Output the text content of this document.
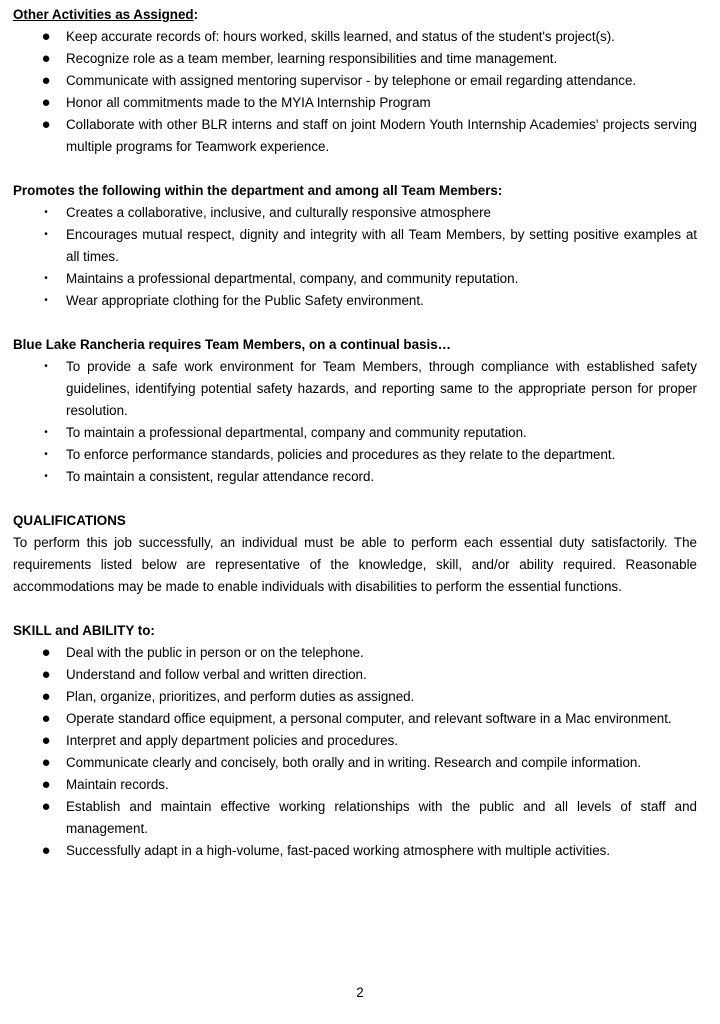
Other Activities as Assigned:

● Keep accurate records of: hours worked, skills learned, and status of the student's project(s).
● Recognize role as a team member, learning responsibilities and time management.
● Communicate with assigned mentoring supervisor - by telephone or email regarding attendance.
● Honor all commitments made to the MYIA Internship Program
● Collaborate with other BLR interns and staff on joint Modern Youth Internship Academies' projects serving multiple programs for Teamwork experience.

Promotes the following within the department and among all Team Members:

•	Creates a collaborative, inclusive, and culturally responsive atmosphere
•	Encourages mutual respect, dignity and integrity with all Team Members, by setting positive examples at all times.
•	Maintains a professional departmental, company, and community reputation.
•	Wear appropriate clothing for the Public Safety environment.

Blue Lake Rancheria requires Team Members, on a continual basis…

•	To provide a safe work environment for Team Members, through compliance with established safety guidelines, identifying potential safety hazards, and reporting same to the appropriate person for proper resolution.
•	To maintain a professional departmental, company and community reputation.
•	To enforce performance standards, policies and procedures as they relate to the department.
•	To maintain a consistent, regular attendance record.

QUALIFICATIONS

To perform this job successfully, an individual must be able to perform each essential duty satisfactorily. The requirements listed below are representative of the knowledge, skill, and/or ability required. Reasonable accommodations may be made to enable individuals with disabilities to perform the essential functions.

SKILL and ABILITY to:

● Deal with the public in person or on the telephone.
● Understand and follow verbal and written direction.
● Plan, organize, prioritizes, and perform duties as assigned.
● Operate standard office equipment, a personal computer, and relevant software in a Mac environment.
● Interpret and apply department policies and procedures.
● Communicate clearly and concisely, both orally and in writing. Research and compile information.
● Maintain records.
● Establish and maintain effective working relationships with the public and all levels of staff and management.
● Successfully adapt in a high-volume, fast-paced working atmosphere with multiple activities.
2
